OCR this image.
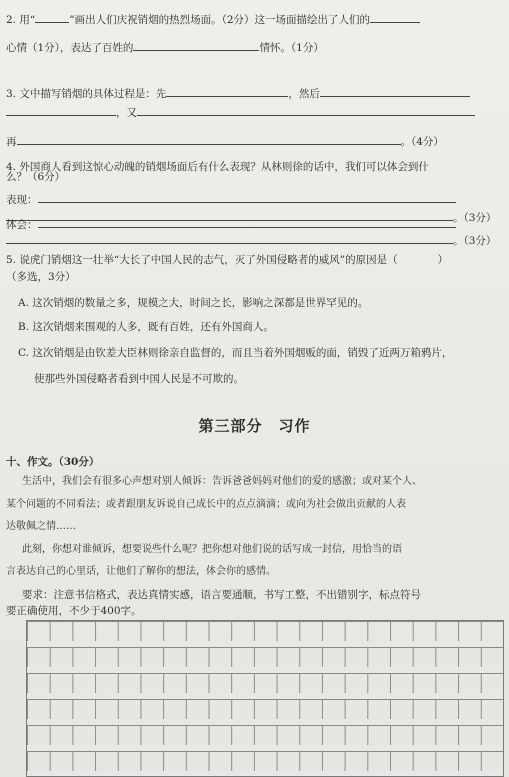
2. 用“	”画出人们庆祝销烟的热烈场面。（2分）这一场面描绘出了人们的
心情（1分），表达了百姓的	情怀。（1分）
3. 文中描写销烟的具体过程是：先	，然后
，又
再	。（4分）
4. 外国商人看到这惊心动魄的销烟场面后有什么表现？从林则徐的话中，我们可以体会到什
么？（6分）
表现：
。（3分）
体会：
。（3分）
5. 说虎门销烟这一壮举“大长了中国人民的志气，灭了外国侵略者的威风”的原因是（	）
（多选，3分）
A. 这次销烟的数量之多，规模之大，时间之长，影响之深都是世界罕见的。
B. 这次销烟来围观的人多，既有百姓，还有外国商人。
C. 这次销烟是由钦差大臣林则徐亲自监督的，而且当着外国烟贩的面，销毁了近两万箱鸦片，
使那些外国侵略者看到中国人民是不可欺的。
第三部分　习作
十、作文。（30分）
生活中，我们会有很多心声想对别人倾诉：告诉爸爸妈妈对他们的爱的感激；或对某个人、
某个问题的不同看法；或者跟朋友诉说自己成长中的点点滴滴；或向为社会做出贡献的人表
达敬佩之情……
此刻，你想对谁倾诉，想要说些什么呢？把你想对他们说的话写成一封信，用恰当的语
言表达自己的心里话，让他们了解你的想法，体会你的感情。
要求：注意书信格式，表达真情实感，语言要通顺，书写工整，不出错别字，标点符号
要正确使用，不少于400字。
